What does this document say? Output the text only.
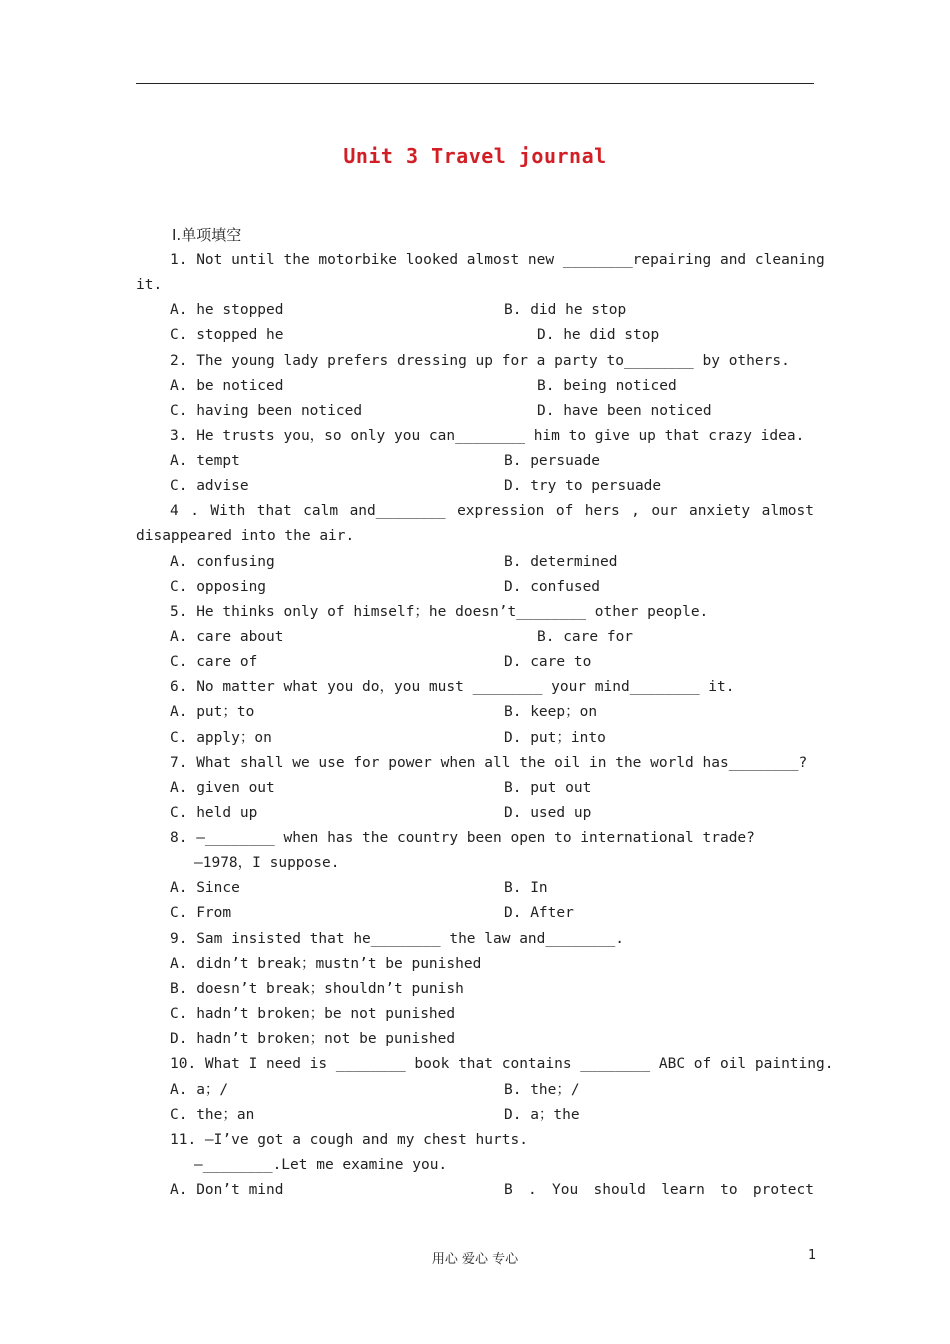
Unit 3 Travel journal
Ⅰ.单项填空
1. Not until the motorbike looked almost new ________repairing and cleaning
it.
A. he stopped	B. did he stop
C. stopped he	D. he did stop
2. The young lady prefers dressing up for a party to________ by others.
A. be noticed	B. being noticed
C. having been noticed	D. have been noticed
3. He trusts you，so only you can________ him to give up that crazy idea.
A. tempt	B. persuade
C. advise	D. try to persuade
4 . With that calm and________ expression of hers , our anxiety almost
disappeared into the air.
A. confusing	B. determined
C. opposing	D. confused
5. He thinks only of himself；he doesn’t________ other people.
A. care about	B. care for
C. care of	D. care to
6. No matter what you do，you must ________ your mind________ it.
A. put；to	B. keep；on
C. apply；on	D. put；into
7. What shall we use for power when all the oil in the world has________?
A. given out	B. put out
C. held up	D. used up
8. —________ when has the country been open to international trade?
—1978，I suppose.
A. Since	B. In
C. From	D. After
9. Sam insisted that he________ the law and________.
A. didn’t break；mustn’t be punished
B. doesn’t break；shouldn’t punish
C. hadn’t broken；be not punished
D. hadn’t broken；not be punished
10. What I need is ________ book that contains ________ ABC of oil painting.
A. a；/	B. the；/
C. the；an	D. a；the
11. —I’ve got a cough and my chest hurts.
—________.Let me examine you.
A. Don’t mind	B . You should learn to protect
用心 爱心 专心	1
